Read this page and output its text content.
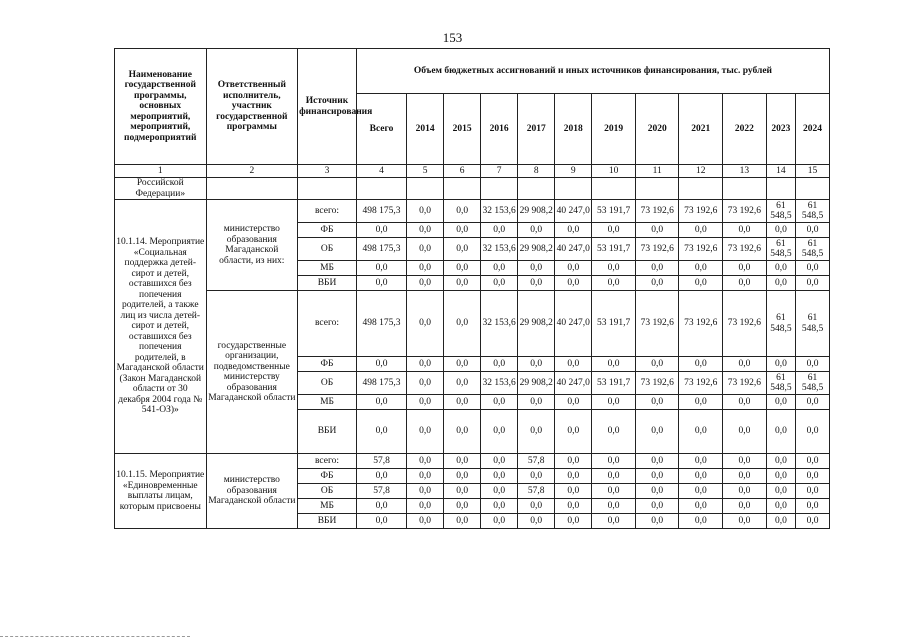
153
Наименование государственной программы, основных мероприятий, мероприятий, подмероприятий	Ответственный исполнитель, участник государственной программы	Источник финансирования	Объем бюджетных ассигнований и иных источников финансирования, тыс. рублей											
			Всего	2014	2015	2016	2017	2018	2019	2020	2021	2022	2023	2024
1	2	3	4	5	6	7	8	9	10	11	12	13	14	15
Российской Федерации»														
10.1.14. Мероприятие «Социальная поддержка детей-сирот и детей, оставшихся без попечения родителей, а также лиц из числа детей-сирот и детей, оставшихся без попечения родителей, в Магаданской области (Закон Магаданской области от 30 декабря 2004 года № 541-ОЗ)»	министерство образования Магаданской области, из них:	всего:	498 175,3	0,0	0,0	32 153,6	29 908,2	40 247,0	53 191,7	73 192,6	73 192,6	73 192,6	61 548,5	61 548,5
		ФБ	0,0	0,0	0,0	0,0	0,0	0,0	0,0	0,0	0,0	0,0	0,0	0,0
		ОБ	498 175,3	0,0	0,0	32 153,6	29 908,2	40 247,0	53 191,7	73 192,6	73 192,6	73 192,6	61 548,5	61 548,5
		МБ	0,0	0,0	0,0	0,0	0,0	0,0	0,0	0,0	0,0	0,0	0,0	0,0
		ВБИ	0,0	0,0	0,0	0,0	0,0	0,0	0,0	0,0	0,0	0,0	0,0	0,0
	государственные организации, подведомственные министерству образования Магаданской области	всего:	498 175,3	0,0	0,0	32 153,6	29 908,2	40 247,0	53 191,7	73 192,6	73 192,6	73 192,6	61 548,5	61 548,5
		ФБ	0,0	0,0	0,0	0,0	0,0	0,0	0,0	0,0	0,0	0,0	0,0	0,0
		ОБ	498 175,3	0,0	0,0	32 153,6	29 908,2	40 247,0	53 191,7	73 192,6	73 192,6	73 192,6	61 548,5	61 548,5
		МБ	0,0	0,0	0,0	0,0	0,0	0,0	0,0	0,0	0,0	0,0	0,0	0,0
		ВБИ	0,0	0,0	0,0	0,0	0,0	0,0	0,0	0,0	0,0	0,0	0,0	0,0
10.1.15. Мероприятие «Единовременные выплаты лицам, которым присвоены	министерство образования Магаданской области	всего:	57,8	0,0	0,0	0,0	57,8	0,0	0,0	0,0	0,0	0,0	0,0	0,0
		ФБ	0,0	0,0	0,0	0,0	0,0	0,0	0,0	0,0	0,0	0,0	0,0	0,0
		ОБ	57,8	0,0	0,0	0,0	57,8	0,0	0,0	0,0	0,0	0,0	0,0	0,0
		МБ	0,0	0,0	0,0	0,0	0,0	0,0	0,0	0,0	0,0	0,0	0,0	0,0
		ВБИ	0,0	0,0	0,0	0,0	0,0	0,0	0,0	0,0	0,0	0,0	0,0	0,0
